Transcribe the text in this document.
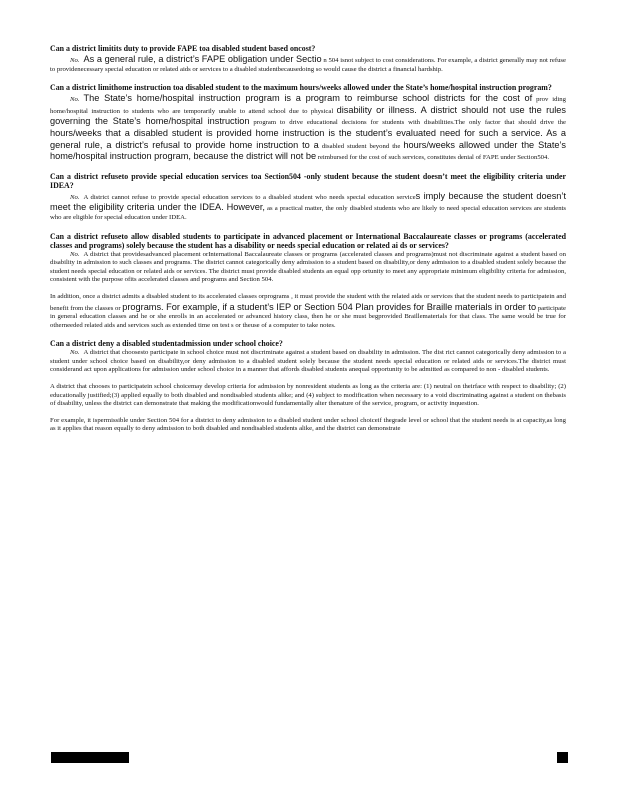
Can a district limitits duty to provide FAPE toa disabled student based oncost?
No. As a general rule, a district’s FAPE obligation under Sectio n 504 isnot subject to cost considerations. For example, a district generally may not refuse to providenecessary special education or related aids or services to a disabled studentbecausedoing so would cause the district a financial hardship.
Can a district limithome instruction toa disabled student to the maximum hours/weeks allowed under the State’s home/hospital instruction program?
No. The State’s home/hospital instruction program is a program to reimburse school districts for the cost of prov iding home/hospital instruction to students who are temporarily unable to attend school due to physical disability or illness. A district should not use the rules governing the State’s home/hospital instruction program to drive educational decisions for students with disabilities.The only factor that should drive the hours/weeks that a disabled student is provided home instruction is the student’s evaluated need for such a service. As a general rule, a district’s refusal to provide home instruction to a disabled student beyond the hours/weeks allowed under the State’s home/hospital instruction program, because the district will not be reimbursed for the cost of such services, constitutes denial of FAPE under Section504.
Can a district refuseto provide special education services toa Section504 -only student because the student doesn’t meet the eligibility criteria under IDEA?
No. A district cannot refuse to provide special education services to a disabled student who needs special education services imply because the student doesn’t meet the eligibility criteria under the IDEA. However, as a practical matter, the only disabled students who are likely to need special education services are students who are eligible for special education under IDEA.
Can a district refuseto allow disabled students to participate in advanced placement or International Baccalaureate classes or programs (accelerated classes and programs) solely because the student has a disability or needs special education or related ai ds or services?
No. A district that providesadvanced placement orInternational Baccalaureate classes or programs (accelerated classes and programs)must not discriminate against a student based on disability in admission to such classes and programs. The district cannot categorically deny admission to a student based on disability,or deny admission to a disabled student solely because the student needs special education or related aids or services. The district must provide disabled students an equal opp ortunity to meet any appropriate minimum eligibility criteria for admission, consistent with the purpose ofits accelerated classes and programs and Section 504.
In addition, once a district admits a disabled student to its accelerated classes orprograms , it must provide the student with the related aids or services that the student needs to participatein and benefit from the classes or programs. For example, if a student’s IEP or Section 504 Plan provides for Braille materials in order to participate in general education classes and he or she enrolls in an accelerated or advanced history class, then he or she must begprovided Braillematerials for that class. The same would be true for otherneeded related aids and services such as extended time on test s or theuse of a computer to take notes.
Can a district deny a disabled studentadmission under school choice?
No. A district that choosesto participate in school choice must not discriminate against a student based on disability in admission. The dist rict cannot categorically deny admission to a student under school choice based on disability,or deny admission to a disabled student solely because the student needs special education or related aids or services.The district must considerand act upon applications for admission under school choice in a manner that affords disabled students anequal opportunity to be admitted as compared to non - disabled students.
A district that chooses to participatein school choicemay develop criteria for admission by nonresident students as long as the criteria are: (1) neutral on theirface with respect to disability; (2) educationally justified;(3) applied equally to both disabled and nondisabled students alike; and (4) subject to modification when necessary to a void discriminating against a student on thebasis of disability, unless the district can demonstrate that making the modificationwould fundamentally alter thenature of the service, program, or activity inquestion.
For example, it ispermissible under Section 504 for a district to deny admission to a disabled student under school choiceif thegrade level or school that the student needs is at capacity,as long as it applies that reason equally to deny admission to both disabled and nondisabled students alike, and the district can demonstrate
